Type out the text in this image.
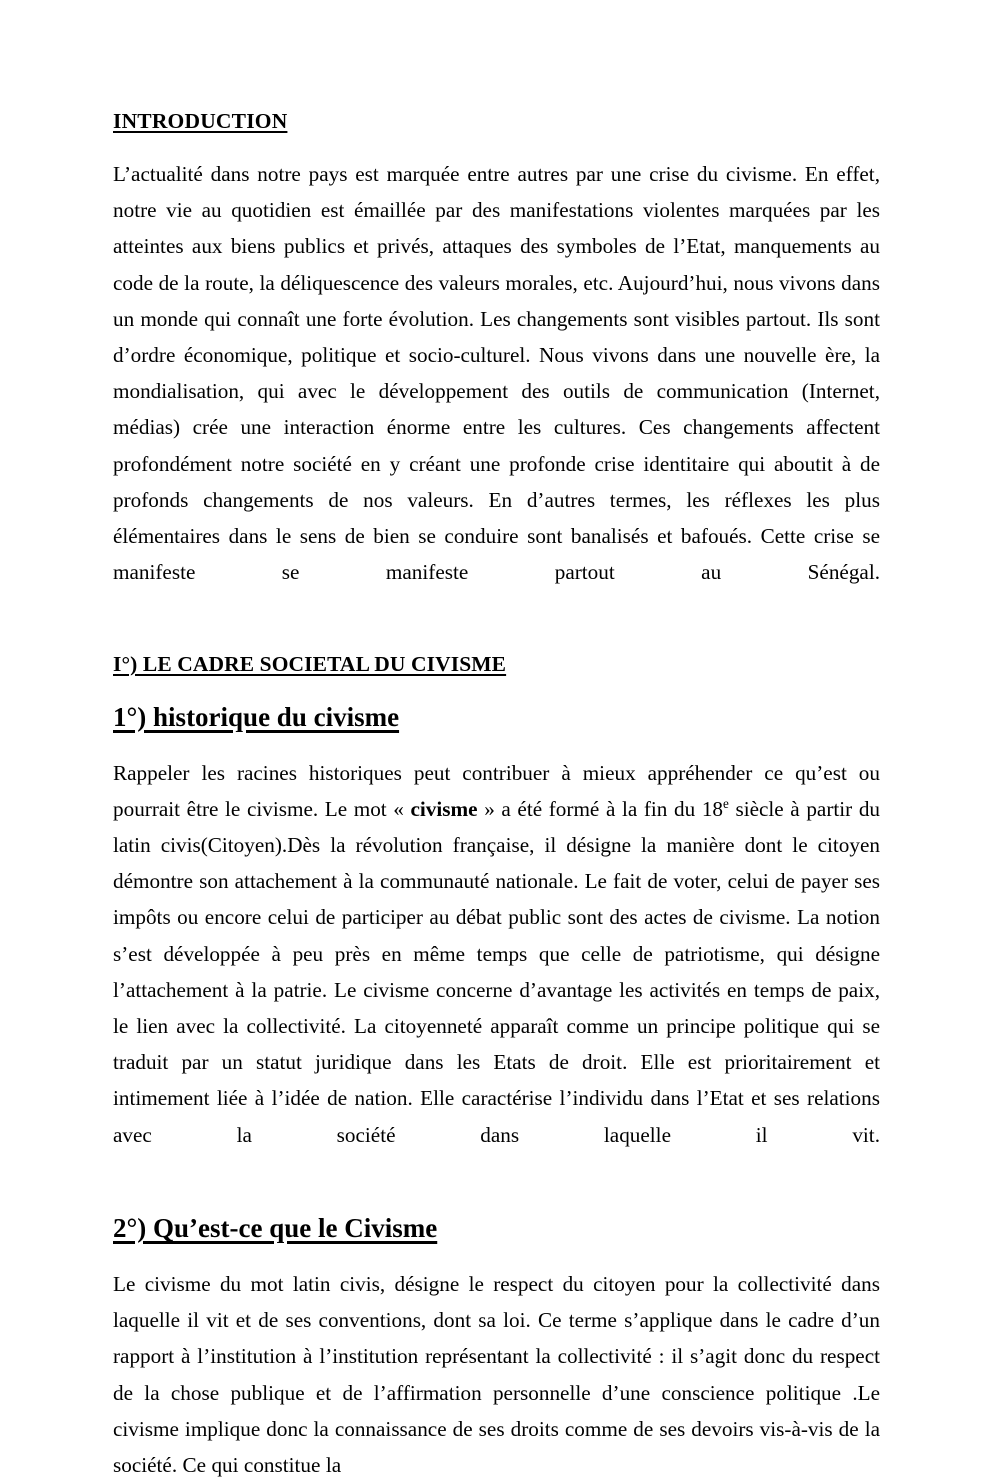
INTRODUCTION

L’actualité dans notre pays est marquée entre autres par une crise du civisme. En effet, notre vie au quotidien est émaillée par des manifestations violentes marquées par les atteintes aux biens publics et privés, attaques des symboles de l’Etat, manquements au code de la route, la déliquescence des valeurs morales, etc. Aujourd’hui, nous vivons dans un monde qui connaît une forte évolution. Les changements sont visibles partout. Ils sont d’ordre économique, politique et socio-culturel. Nous vivons dans une nouvelle ère, la mondialisation, qui avec le développement des outils de communication (Internet, médias) crée une interaction énorme entre les cultures. Ces changements affectent profondément notre société en y créant une profonde crise identitaire qui aboutit à de profonds changements de nos valeurs. En d’autres termes, les réflexes les plus élémentaires dans le sens de bien se conduire sont banalisés et bafoués. Cette crise se manifeste se manifeste partout au Sénégal.

I°) LE CADRE SOCIETAL DU CIVISME
1°) historique du civisme

Rappeler les racines historiques peut contribuer à mieux appréhender ce qu’est ou pourrait être le civisme. Le mot « civisme » a été formé à la fin du 18e siècle à partir du latin civis(Citoyen).Dès la révolution française, il désigne la manière dont le citoyen démontre son attachement à la communauté nationale. Le fait de voter, celui de payer ses impôts ou encore celui de participer au débat public sont des actes de civisme. La notion s’est développée à peu près en même temps que celle de patriotisme, qui désigne l’attachement à la patrie. Le civisme concerne d’avantage les activités en temps de paix, le lien avec la collectivité. La citoyenneté apparaît comme un principe politique qui se traduit par un statut juridique dans les Etats de droit. Elle est prioritairement et intimement liée à l’idée de nation. Elle caractérise l’individu dans l’Etat et ses relations avec la société dans laquelle il vit.

2°) Qu’est-ce que le Civisme

Le civisme du mot latin civis, désigne le respect du citoyen pour la collectivité dans laquelle il vit et de ses conventions, dont sa loi. Ce terme s’applique dans le cadre d’un rapport à l’institution à l’institution représentant la collectivité : il s’agit donc du respect de la chose publique et de l’affirmation personnelle d’une conscience politique .Le civisme implique donc la connaissance de ses droits comme de ses devoirs vis-à-vis de la société. Ce qui constitue la
